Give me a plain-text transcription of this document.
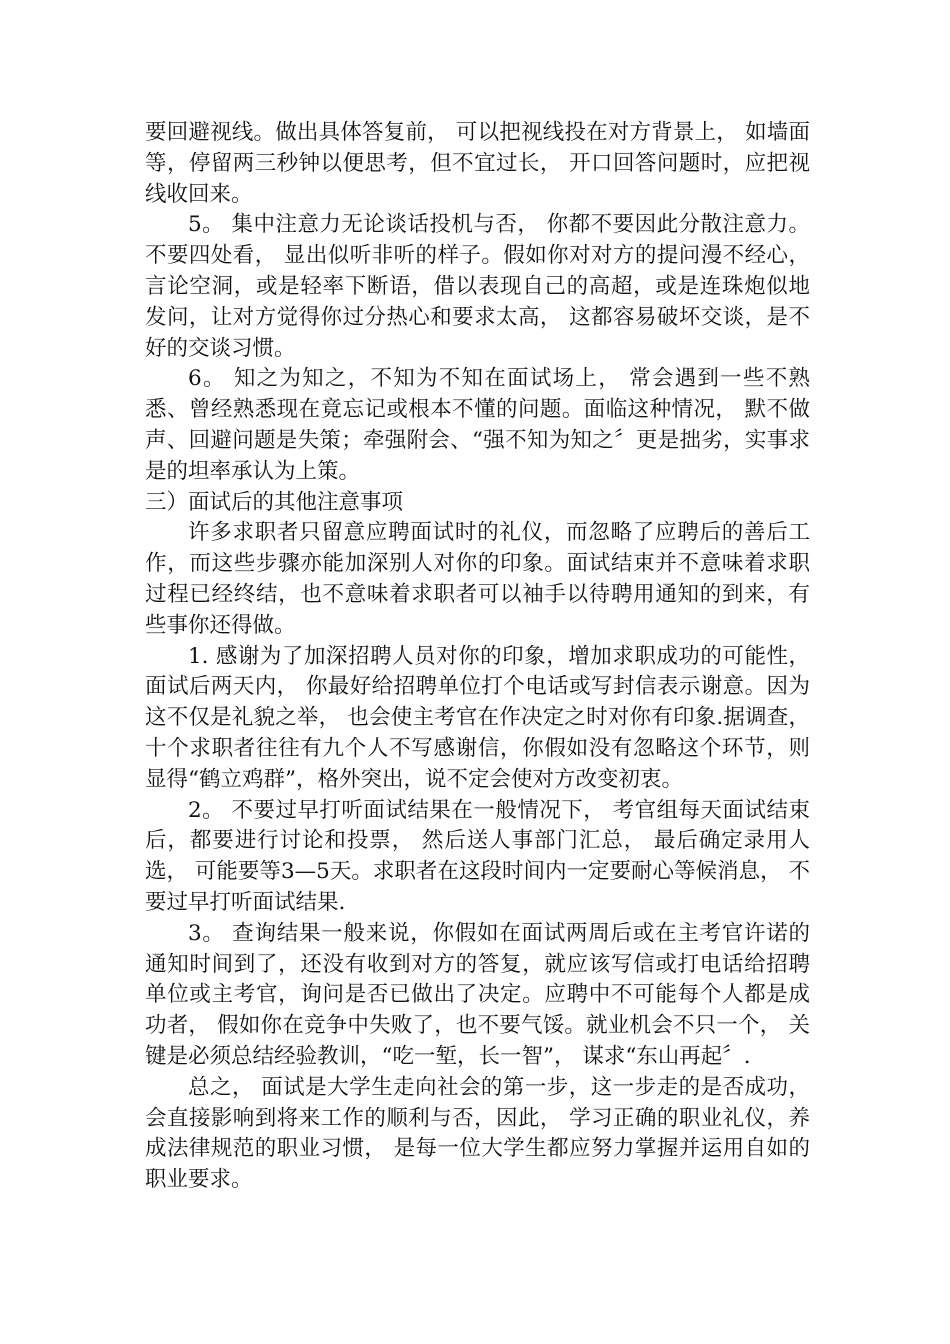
要回避视线。做出具体答复前， 可以把视线投在对方背景上， 如墙面等，停留两三秒钟以便思考，但不宜过长， 开口回答问题时，应把视线收回来。

5。 集中注意力无论谈话投机与否， 你都不要因此分散注意力。不要四处看， 显出似听非听的样子。假如你对对方的提问漫不经心， 言论空洞，或是轻率下断语，借以表现自己的高超，或是连珠炮似地发问，让对方觉得你过分热心和要求太高， 这都容易破坏交谈，是不好的交谈习惯。

6。 知之为知之，不知为不知在面试场上， 常会遇到一些不熟悉、曾经熟悉现在竟忘记或根本不懂的问题。面临这种情况， 默不做声、回避问题是失策；牵强附会、“强不知为知之〞更是拙劣，实事求是的坦率承认为上策。

三）面试后的其他注意事项

许多求职者只留意应聘面试时的礼仪，而忽略了应聘后的善后工作，而这些步骤亦能加深别人对你的印象。面试结束并不意味着求职过程已经终结，也不意味着求职者可以袖手以待聘用通知的到来，有些事你还得做。

1. 感谢为了加深招聘人员对你的印象，增加求职成功的可能性， 面试后两天内， 你最好给招聘单位打个电话或写封信表示谢意。因为这不仅是礼貌之举， 也会使主考官在作决定之时对你有印象.据调查， 十个求职者往往有九个人不写感谢信，你假如没有忽略这个环节，则显得“鹤立鸡群”，格外突出，说不定会使对方改变初衷。

2。 不要过早打听面试结果在一般情况下， 考官组每天面试结束后，都要进行讨论和投票， 然后送人事部门汇总， 最后确定录用人选， 可能要等3—5天。求职者在这段时间内一定要耐心等候消息， 不要过早打听面试结果.

3。 查询结果一般来说，你假如在面试两周后或在主考官许诺的通知时间到了，还没有收到对方的答复，就应该写信或打电话给招聘单位或主考官，询问是否已做出了决定。应聘中不可能每个人都是成功者， 假如你在竞争中失败了，也不要气馁。就业机会不只一个， 关键是必须总结经验教训，“吃一堑，长一智”， 谋求“东山再起〞.

总之， 面试是大学生走向社会的第一步，这一步走的是否成功， 会直接影响到将来工作的顺利与否，因此， 学习正确的职业礼仪，养成法律规范的职业习惯， 是每一位大学生都应努力掌握并运用自如的职业要求。
